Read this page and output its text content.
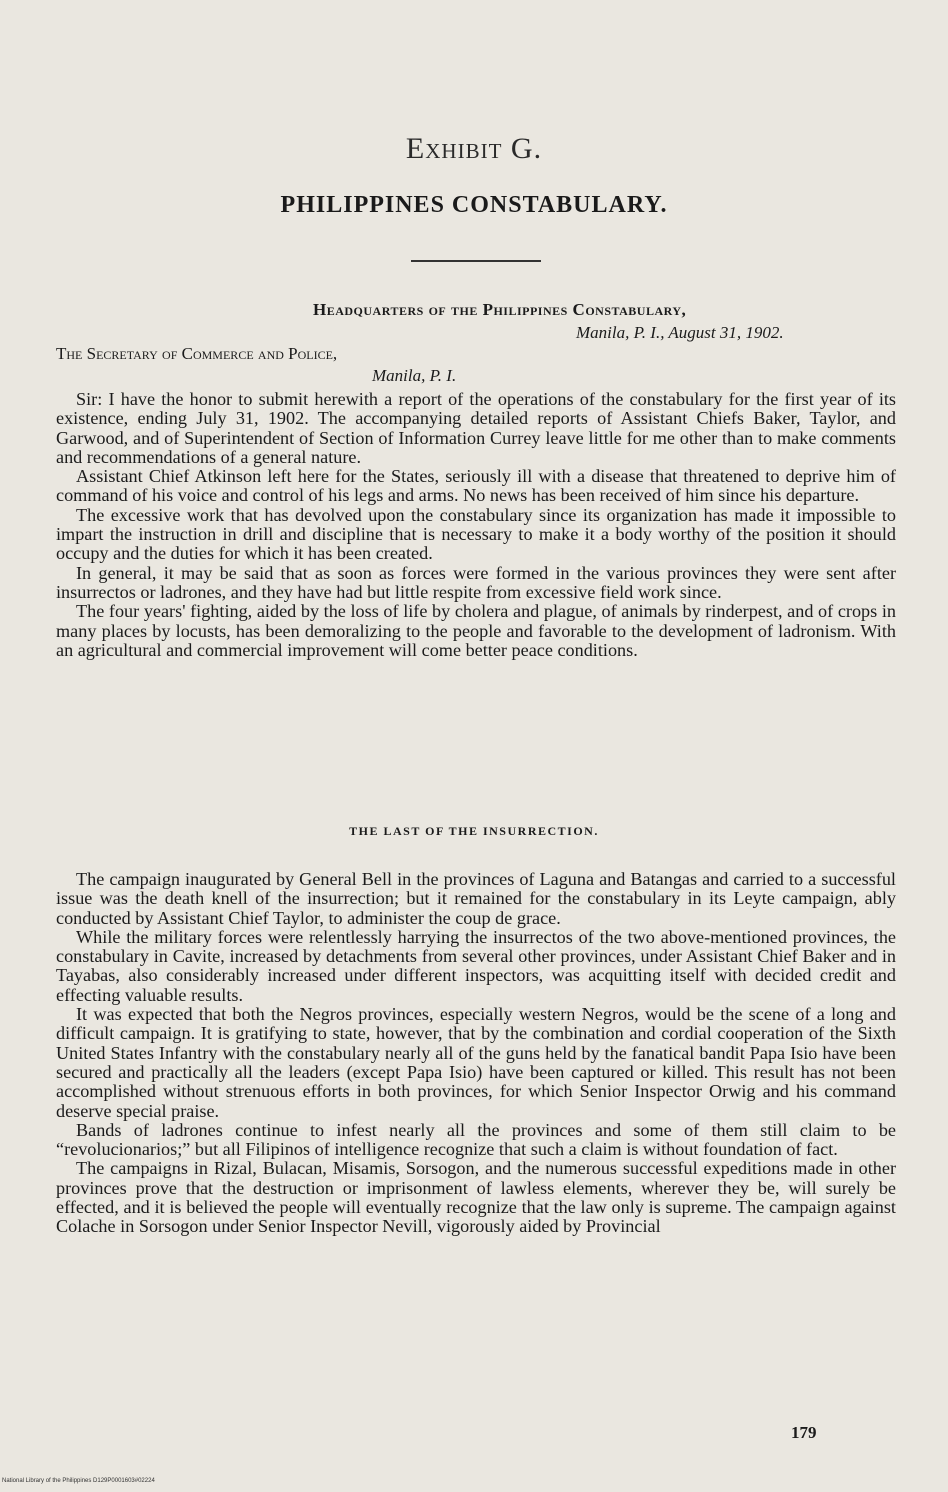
Exhibit G.
PHILIPPINES CONSTABULARY.
Headquarters of the Philippines Constabulary,
Manila, P. I., August 31, 1902.
The Secretary of Commerce and Police,
Manila, P. I.

Sir: I have the honor to submit herewith a report of the operations of the constabulary for the first year of its existence, ending July 31, 1902. The accompanying detailed reports of Assistant Chiefs Baker, Taylor, and Garwood, and of Superintendent of Section of Information Currey leave little for me other than to make comments and recommendations of a general nature.

Assistant Chief Atkinson left here for the States, seriously ill with a disease that threatened to deprive him of command of his voice and control of his legs and arms. No news has been received of him since his departure.

The excessive work that has devolved upon the constabulary since its organization has made it impossible to impart the instruction in drill and discipline that is necessary to make it a body worthy of the position it should occupy and the duties for which it has been created.

In general, it may be said that as soon as forces were formed in the various provinces they were sent after insurrectos or ladrones, and they have had but little respite from excessive field work since.

The four years' fighting, aided by the loss of life by cholera and plague, of animals by rinderpest, and of crops in many places by locusts, has been demoralizing to the people and favorable to the development of ladronism. With an agricultural and commercial improvement will come better peace conditions.

THE LAST OF THE INSURRECTION.

The campaign inaugurated by General Bell in the provinces of Laguna and Batangas and carried to a successful issue was the death knell of the insurrection; but it remained for the constabulary in its Leyte campaign, ably conducted by Assistant Chief Taylor, to administer the coup de grace.

While the military forces were relentlessly harrying the insurrectos of the two above-mentioned provinces, the constabulary in Cavite, increased by detachments from several other provinces, under Assistant Chief Baker and in Tayabas, also considerably increased under different inspectors, was acquitting itself with decided credit and effecting valuable results.

It was expected that both the Negros provinces, especially western Negros, would be the scene of a long and difficult campaign. It is gratifying to state, however, that by the combination and cordial cooperation of the Sixth United States Infantry with the constabulary nearly all of the guns held by the fanatical bandit Papa Isio have been secured and practically all the leaders (except Papa Isio) have been captured or killed. This result has not been accomplished without strenuous efforts in both provinces, for which Senior Inspector Orwig and his command deserve special praise.

Bands of ladrones continue to infest nearly all the provinces and some of them still claim to be “revolucionarios;” but all Filipinos of intelligence recognize that such a claim is without foundation of fact.

The campaigns in Rizal, Bulacan, Misamis, Sorsogon, and the numerous successful expeditions made in other provinces prove that the destruction or imprisonment of lawless elements, wherever they be, will surely be effected, and it is believed the people will eventually recognize that the law only is supreme. The campaign against Colache in Sorsogon under Senior Inspector Nevill, vigorously aided by Provincial

179
National Library of the Philippines D129P0001603#02224
